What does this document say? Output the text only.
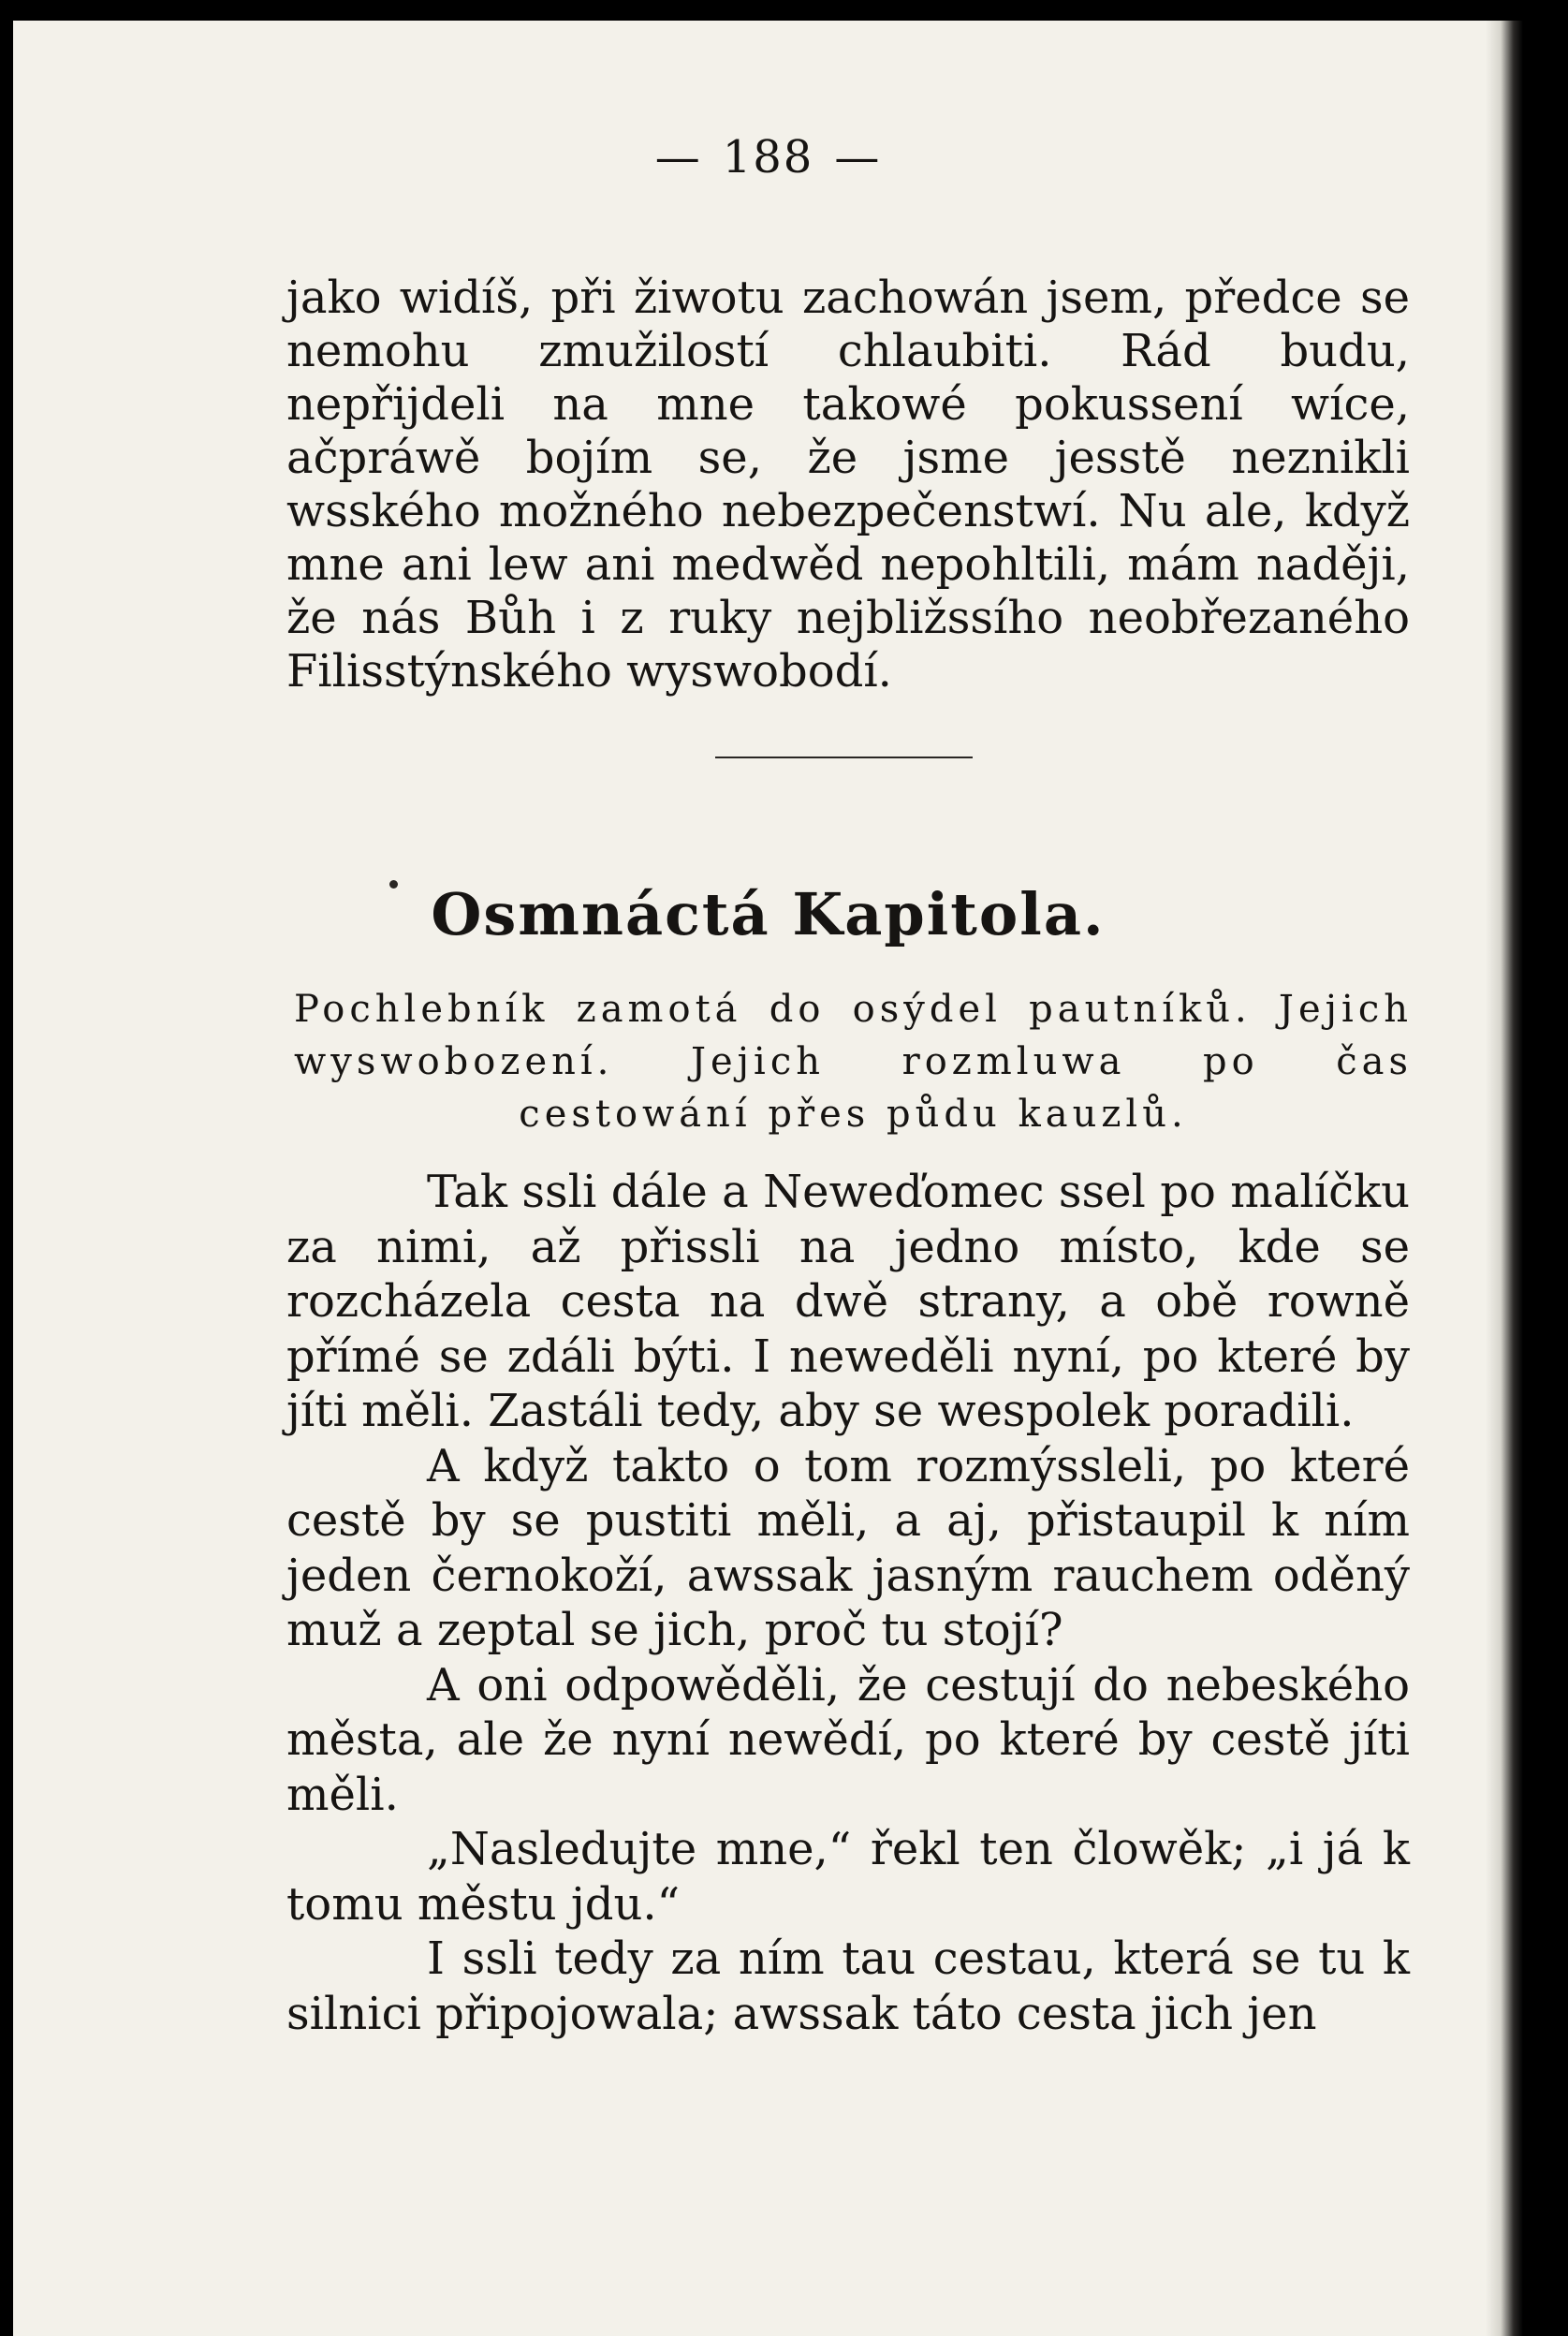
— 188 —

jako widíš, při žiwotu zachowán jsem, předce se nemohu zmužilostí chlaubiti. Rád budu, nepřijdeli na mne takowé pokussení wíce, ačpráwě bojím se, že jsme jesstě neznikli wsského možného nebezpečenstwí. Nu ale, když mne ani lew ani medwěd nepohltili, mám naději, že nás Bůh i z ruky nejbližssího neobřezaného Filisstýnského wyswobodí.

Osmnáctá Kapitola.

Pochlebník zamotá do osýdel pautníků. Jejich wyswobození. Jejich rozmluwa po čas cestowání přes půdu kauzlů.

Tak ssli dále a Neweďomec ssel po malíčku za nimi, až přissli na jedno místo, kde se rozcházela cesta na dwě strany, a obě rowně přímé se zdáli býti. I neweděli nyní, po které by jíti měli. Zastáli tedy, aby se wespolek poradili.

A když takto o tom rozmýssleli, po které cestě by se pustiti měli, a aj, přistaupil k ním jeden černokoží, awssak jasným rauchem oděný muž a zeptal se jich, proč tu stojí?

A oni odpowěděli, že cestují do nebeského města, ale že nyní newědí, po které by cestě jíti měli.

„Nasledujte mne,“ řekl ten člowěk; „i já k tomu městu jdu.“

I ssli tedy za ním tau cestau, která se tu k silnici připojowala; awssak táto cesta jich jen
